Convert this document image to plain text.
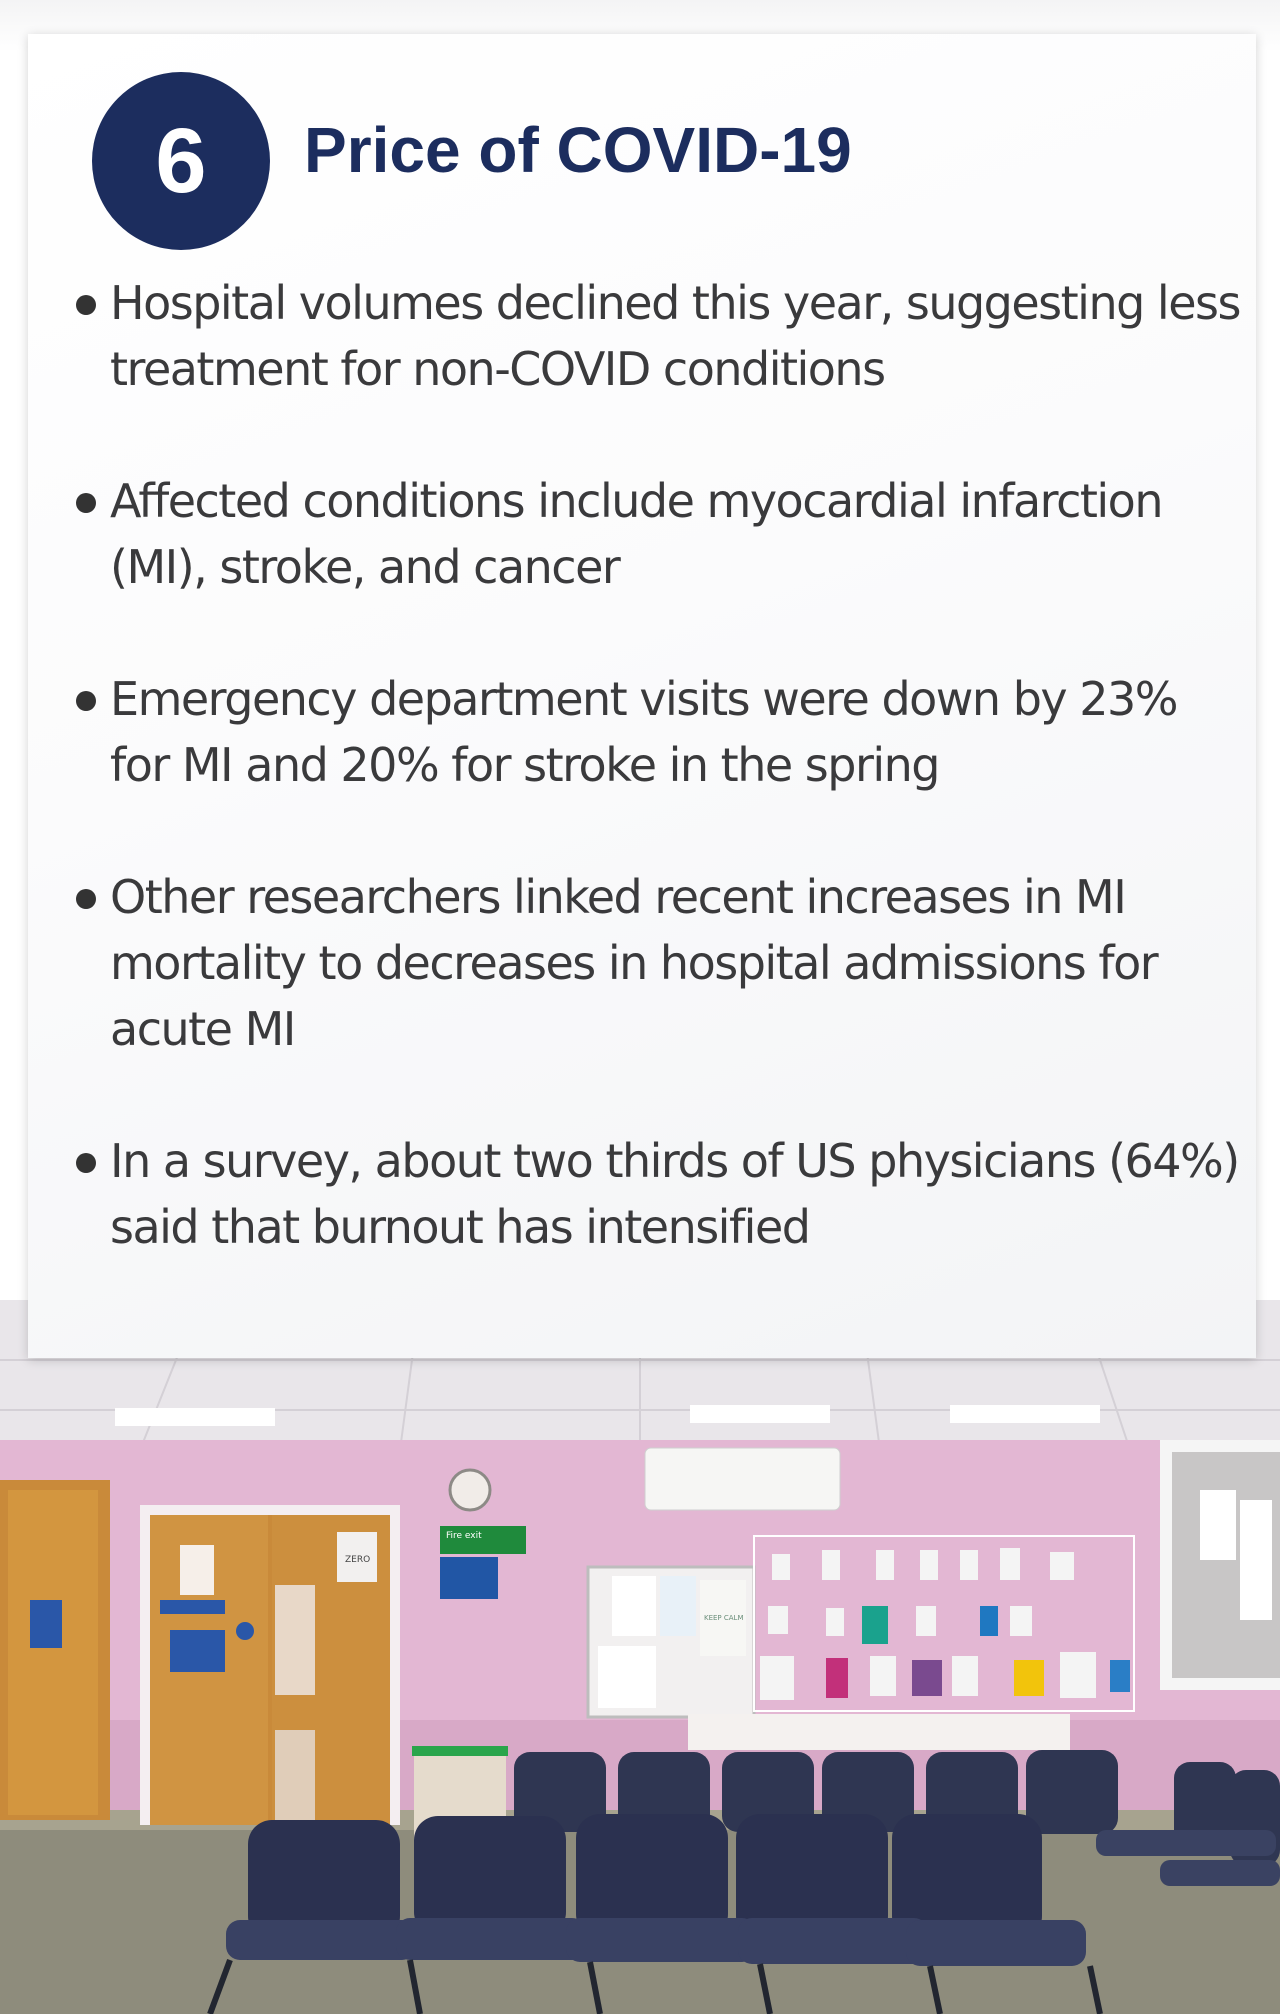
ZERO
Fire exit
KEEP CALM
6	Price of COVID-19
Hospital volumes declined this year, suggesting less treatment for non-COVID conditions
Affected conditions include myocardial infarction (MI), stroke, and cancer
Emergency department visits were down by 23% for MI and 20% for stroke in the spring
Other researchers linked recent increases in MI mortality to decreases in hospital admissions for acute MI
In a survey, about two thirds of US physicians (64%) said that burnout has intensified
